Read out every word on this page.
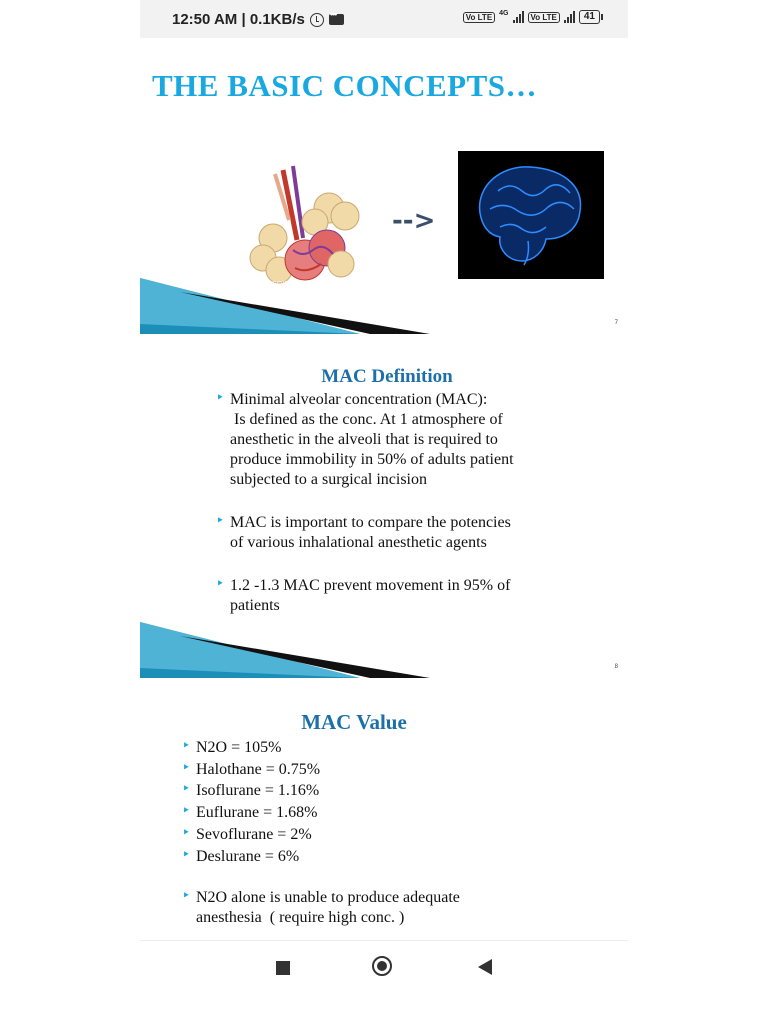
12:50 AM | 0.1KB/s
•••	Vo LTE	4G	Vo LTE	41
THE BASIC CONCEPTS…
-->
ADSCIENCE.com
7
MAC Definition
‣ Minimal alveolar concentration (MAC):
Is defined as the conc. At 1 atmosphere of
anesthetic in the alveoli that is required to
produce immobility in 50% of adults patient
subjected to a surgical incision
‣ MAC is important to compare the potencies
of various inhalational anesthetic agents
‣ 1.2 -1.3 MAC prevent movement in 95% of
patients
8
MAC Value
‣ N2O = 105%
‣ Halothane = 0.75%
‣ Isoflurane = 1.16%
‣ Euflurane = 1.68%
‣ Sevoflurane = 2%
‣ Deslurane = 6%
‣ N2O alone is unable to produce adequate
anesthesia  ( require high conc. )
